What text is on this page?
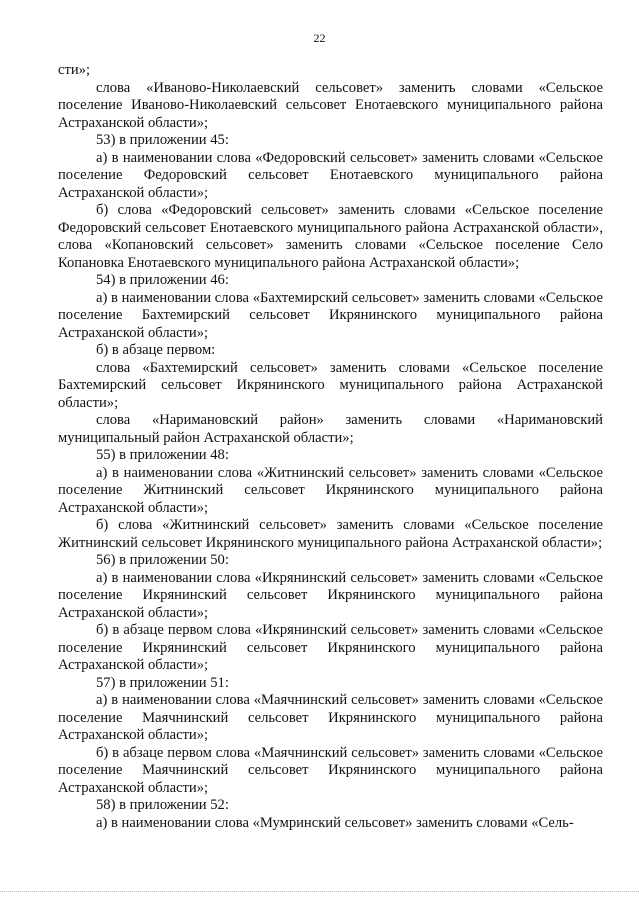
22

сти»;

слова «Ивановo-Николаевский сельсовет» заменить словами «Сельское поселение Ивановo-Николаевский сельсовет Енотаевского муниципального района Астраханской области»;

53) в приложении 45:

а) в наименовании слова «Федоровский сельсовет» заменить словами «Сельское поселение Федоровский сельсовет Енотаевского муниципального района Астраханской области»;

б) слова «Федоровский сельсовет» заменить словами «Сельское поселение Федоровский сельсовет Енотаевского муниципального района Астраханской области», слова «Копановский сельсовет» заменить словами «Сельское поселение Село Копановка Енотаевского муниципального района Астраханской области»;

54) в приложении 46:

а) в наименовании слова «Бахтемирский сельсовет» заменить словами «Сельское поселение Бахтемирский сельсовет Икрянинского муниципального района Астраханской области»;

б) в абзаце первом:

слова «Бахтемирский сельсовет» заменить словами «Сельское поселение Бахтемирский сельсовет Икрянинского муниципального района Астраханской области»;

слова «Наримановский район» заменить словами «Наримановский муниципальный район Астраханской области»;

55) в приложении 48:

а) в наименовании слова «Житнинский сельсовет» заменить словами «Сельское поселение Житнинский сельсовет Икрянинского муниципального района Астраханской области»;

б) слова «Житнинский сельсовет» заменить словами «Сельское поселение Житнинский сельсовет Икрянинского муниципального района Астраханской области»;

56) в приложении 50:

а) в наименовании слова «Икрянинский сельсовет» заменить словами «Сельское поселение Икрянинский сельсовет Икрянинского муниципального района Астраханской области»;

б) в абзаце первом слова «Икрянинский сельсовет» заменить словами «Сельское поселение Икрянинский сельсовет Икрянинского муниципального района Астраханской области»;

57) в приложении 51:

а) в наименовании слова «Маячнинский сельсовет» заменить словами «Сельское поселение Маячнинский сельсовет Икрянинского муниципального района Астраханской области»;

б) в абзаце первом слова «Маячнинский сельсовет» заменить словами «Сельское поселение Маячнинский сельсовет Икрянинского муниципального района Астраханской области»;

58) в приложении 52:

а) в наименовании слова «Мумринский сельсовет» заменить словами «Сель-
